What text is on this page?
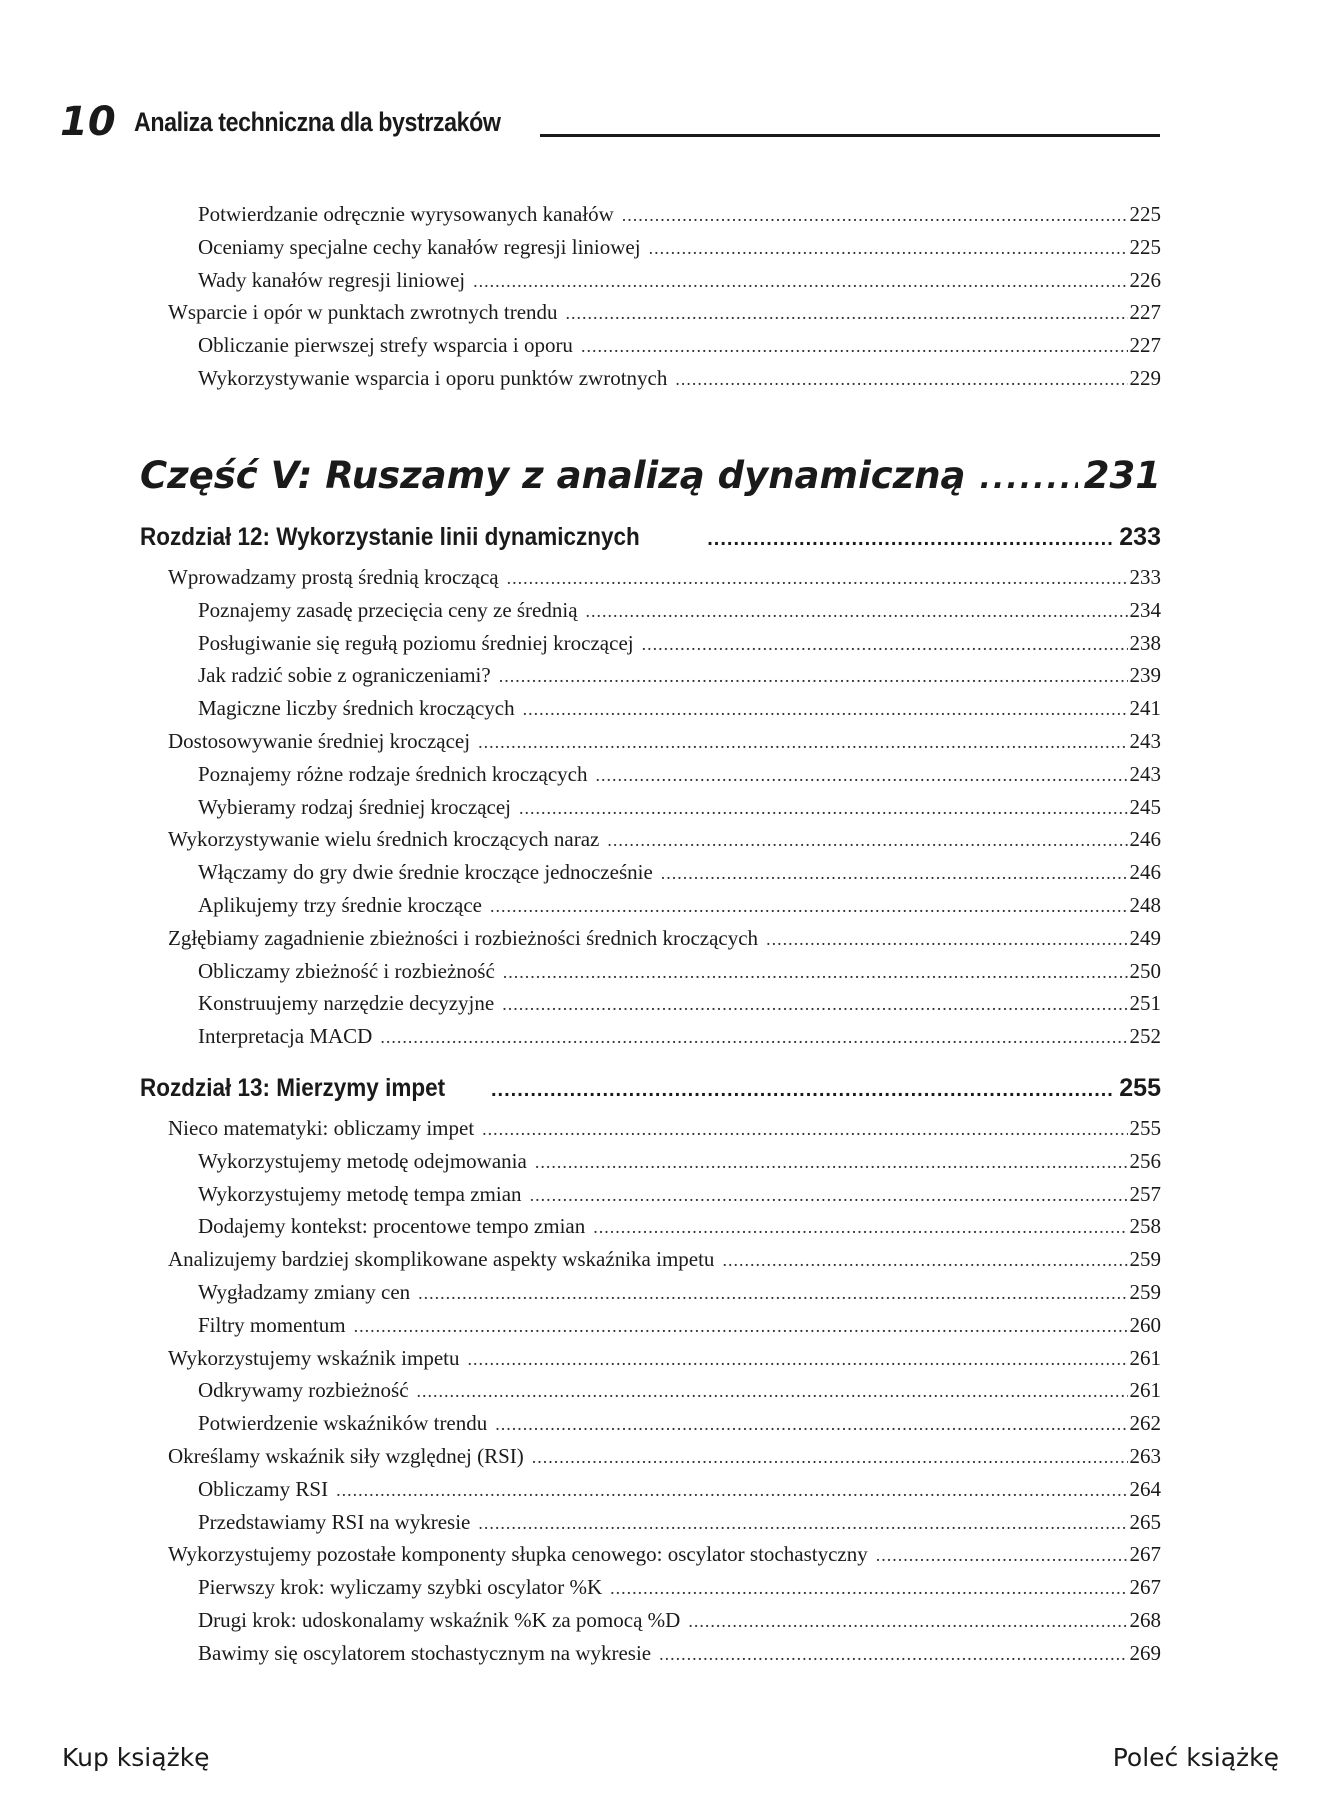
10 Analiza techniczna dla bystrzaków
Potwierdzanie odręcznie wyrysowanych kanałów .....	225
Oceniamy specjalne cechy kanałów regresji liniowej .....	225
Wady kanałów regresji liniowej .....	226
Wsparcie i opór w punktach zwrotnych trendu .....	227
Obliczanie pierwszej strefy wsparcia i oporu .....	227
Wykorzystywanie wsparcia i oporu punktów zwrotnych .....	229
Wprowadzamy prostą średnią kroczącą .....	233
Poznajemy zasadę przecięcia ceny ze średnią .....	234
Posługiwanie się regułą poziomu średniej kroczącej .....	238
Jak radzić sobie z ograniczeniami? .....	239
Magiczne liczby średnich kroczących .....	241
Dostosowywanie średniej kroczącej .....	243
Poznajemy różne rodzaje średnich kroczących .....	243
Wybieramy rodzaj średniej kroczącej .....	245
Wykorzystywanie wielu średnich kroczących naraz .....	246
Włączamy do gry dwie średnie kroczące jednocześnie .....	246
Aplikujemy trzy średnie kroczące .....	248
Zgłębiamy zagadnienie zbieżności i rozbieżności średnich kroczących .....	249
Obliczamy zbieżność i rozbieżność .....	250
Konstruujemy narzędzie decyzyjne .....	251
Interpretacja MACD .....	252
Nieco matematyki: obliczamy impet .....	255
Wykorzystujemy metodę odejmowania .....	256
Wykorzystujemy metodę tempa zmian .....	257
Dodajemy kontekst: procentowe tempo zmian .....	258
Analizujemy bardziej skomplikowane aspekty wskaźnika impetu .....	259
Wygładzamy zmiany cen .....	259
Filtry momentum .....	260
Wykorzystujemy wskaźnik impetu .....	261
Odkrywamy rozbieżność .....	261
Potwierdzenie wskaźników trendu .....	262
Określamy wskaźnik siły względnej (RSI) .....	263
Obliczamy RSI .....	264
Przedstawiamy RSI na wykresie .....	265
Wykorzystujemy pozostałe komponenty słupka cenowego: oscylator stochastyczny .....	267
Pierwszy krok: wyliczamy szybki oscylator %K .....	267
Drugi krok: udoskonalamy wskaźnik %K za pomocą %D .....	268
Bawimy się oscylatorem stochastycznym na wykresie .....	269
Część V: Ruszamy z analizą dynamiczną .....	231
Rozdział 12: Wykorzystanie linii dynamicznych .....	233
Rozdział 13: Mierzymy impet .....	255
Kup książkę	Poleć książkę
